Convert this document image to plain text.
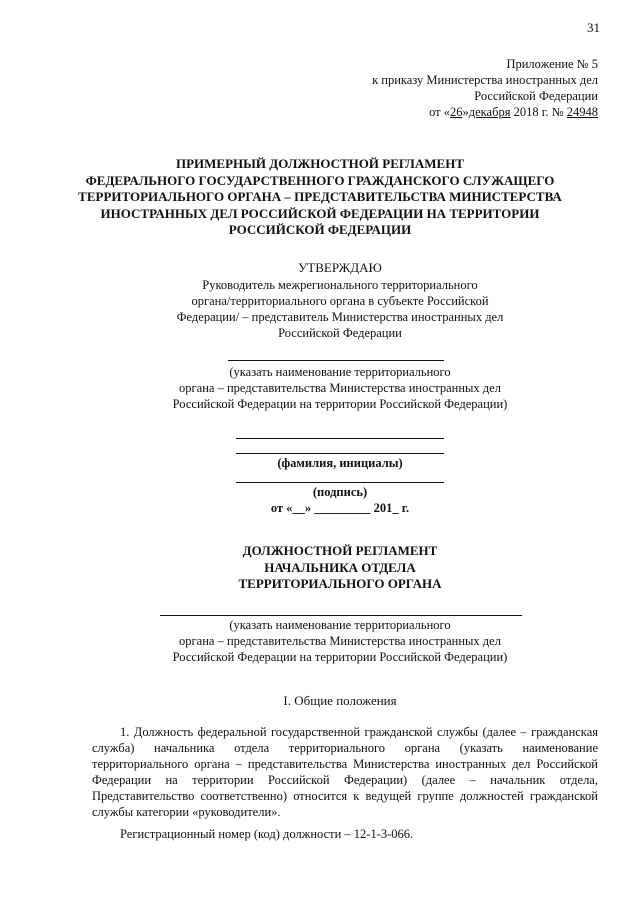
31
Приложение № 5
к приказу Министерства иностранных дел
Российской Федерации
от «26»декабря 2018 г. № 24948
ПРИМЕРНЫЙ ДОЛЖНОСТНОЙ РЕГЛАМЕНТ
ФЕДЕРАЛЬНОГО ГОСУДАРСТВЕННОГО ГРАЖДАНСКОГО СЛУЖАЩЕГО
ТЕРРИТОРИАЛЬНОГО ОРГАНА – ПРЕДСТАВИТЕЛЬСТВА МИНИСТЕРСТВА
ИНОСТРАННЫХ ДЕЛ РОССИЙСКОЙ ФЕДЕРАЦИИ НА ТЕРРИТОРИИ
РОССИЙСКОЙ ФЕДЕРАЦИИ
УТВЕРЖДАЮ
Руководитель межрегионального территориального
органа/территориального органа в субъекте Российской
Федерации/ – представитель Министерства иностранных дел
Российской Федерации
(указать наименование территориального
органа – представительства Министерства иностранных дел
Российской Федерации на территории Российской Федерации)
(фамилия, инициалы)
(подпись)
от «__» _________ 201_ г.
ДОЛЖНОСТНОЙ РЕГЛАМЕНТ
НАЧАЛЬНИКА ОТДЕЛА
ТЕРРИТОРИАЛЬНОГО ОРГАНА
(указать наименование территориального
органа – представительства Министерства иностранных дел
Российской Федерации на территории Российской Федерации)
I. Общие положения
1. Должность федеральной государственной гражданской службы (далее – гражданская служба) начальника отдела территориального органа (указать наименование территориального органа – представительства Министерства иностранных дел Российской Федерации на территории Российской Федерации) (далее – начальник отдела, Представительство соответственно) относится к ведущей группе должностей гражданской службы категории «руководители».
Регистрационный номер (код) должности – 12-1-3-066.
